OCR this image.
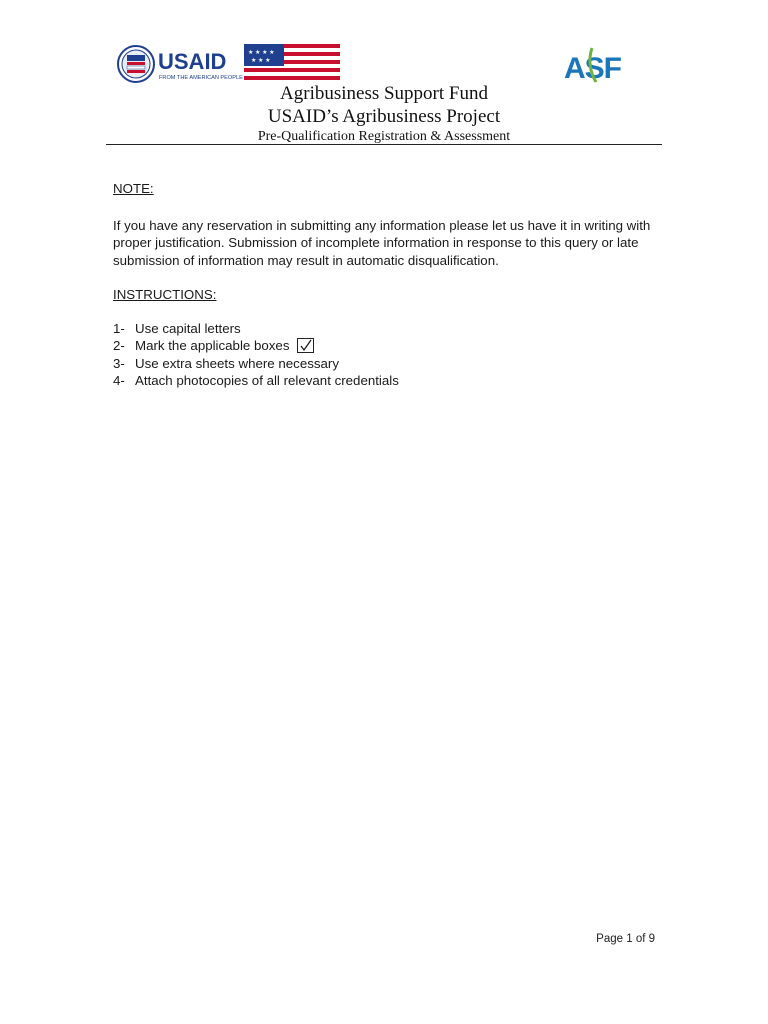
USAID
FROM THE AMERICAN PEOPLE
★ ★ ★ ★
★ ★ ★	ASF
Agribusiness Support Fund
USAID’s Agribusiness Project
Pre-Qualification Registration & Assessment

NOTE:

If you have any reservation in submitting any information please let us have it in writing with proper justification. Submission of incomplete information in response to this query or late submission of information may result in automatic disqualification.

INSTRUCTIONS:

1- Use capital letters
2- Mark the applicable boxes
3- Use extra sheets where necessary
4- Attach photocopies of all relevant credentials
Page 1 of 9
